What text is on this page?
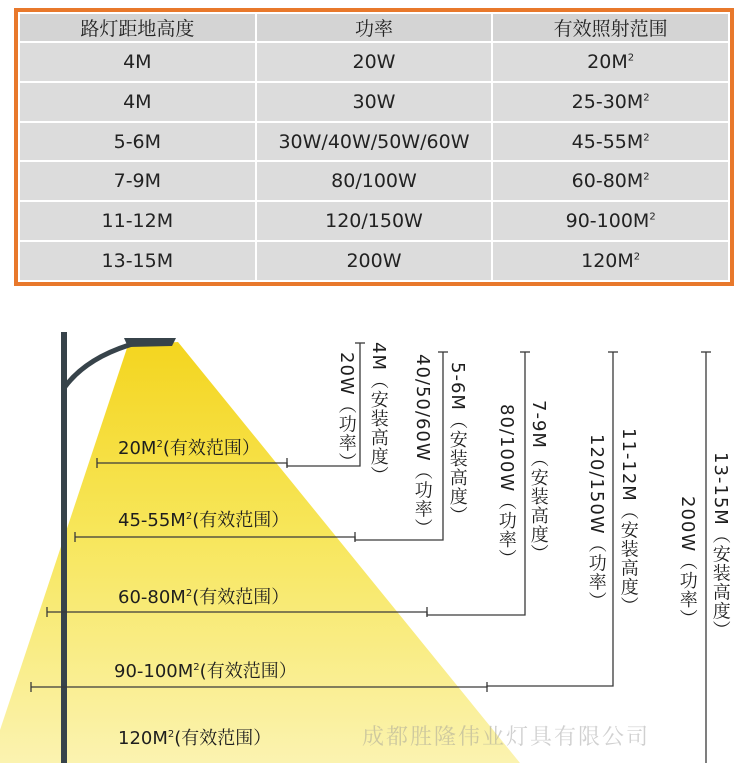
路灯距地高度	功率	有效照射范围
4M	20W	$20M^2$
4M	30W	$25-30M^2$
5-6M	30W/40W/50W/60W	$45-55M^2$
7-9M	80/100W	$60-80M^2$
11-12M	120/150W	$90-100M^2$
13-15M	200W	$120M^2$
$20M^2$(有效范围）
$45-55M^2$(有效范围）
$60-80M^2$(有效范围）
$90-100M^2$(有效范围）
$120M^2$(有效范围）
4M（安装高度）
20W（功率）	5-6M（安装高度）
40/50/60W（功率）	7-9M（安装高度）
80/100W（功率）	11-12M（安装高度）
120/150W（功率）	13-15M（安装高度）
200W（功率）
成都胜隆伟业灯具有限公司
